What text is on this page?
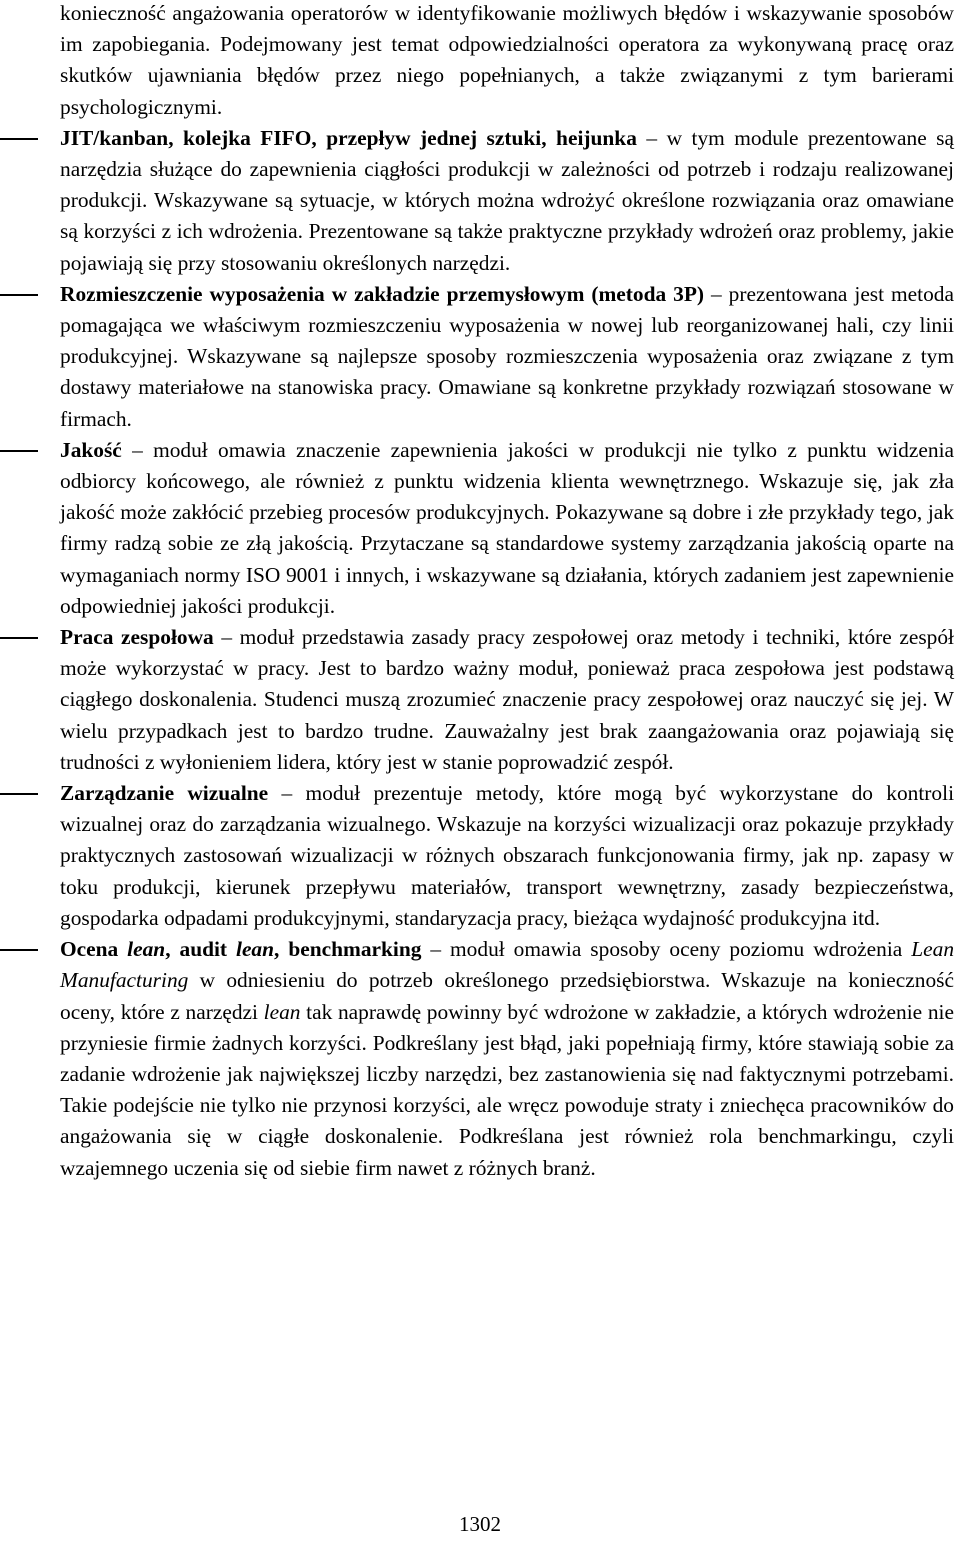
konieczność angażowania operatorów w identyfikowanie możliwych błędów i wskazywanie sposobów im zapobiegania. Podejmowany jest temat odpowiedzialności operatora za wykonywaną pracę oraz skutków ujawniania błędów przez niego popełnianych, a także związanymi z tym barierami psychologicznymi.

JIT/kanban, kolejka FIFO, przepływ jednej sztuki, heijunka – w tym module prezentowane są narzędzia służące do zapewnienia ciągłości produkcji w zależności od potrzeb i rodzaju realizowanej produkcji. Wskazywane są sytuacje, w których można wdrożyć określone rozwiązania oraz omawiane są korzyści z ich wdrożenia. Prezentowane są także praktyczne przykłady wdrożeń oraz problemy, jakie pojawiają się przy stosowaniu określonych narzędzi.

Rozmieszczenie wyposażenia w zakładzie przemysłowym (metoda 3P) – prezentowana jest metoda pomagająca we właściwym rozmieszczeniu wyposażenia w nowej lub reorganizowanej hali, czy linii produkcyjnej. Wskazywane są najlepsze sposoby rozmieszczenia wyposażenia oraz związane z tym dostawy materiałowe na stanowiska pracy. Omawiane są konkretne przykłady rozwiązań stosowane w firmach.

Jakość – moduł omawia znaczenie zapewnienia jakości w produkcji nie tylko z punktu widzenia odbiorcy końcowego, ale również z punktu widzenia klienta wewnętrznego. Wskazuje się, jak zła jakość może zakłócić przebieg procesów produkcyjnych. Pokazywane są dobre i złe przykłady tego, jak firmy radzą sobie ze złą jakością. Przytaczane są standardowe systemy zarządzania jakością oparte na wymaganiach normy ISO 9001 i innych, i wskazywane są działania, których zadaniem jest zapewnienie odpowiedniej jakości produkcji.

Praca zespołowa – moduł przedstawia zasady pracy zespołowej oraz metody i techniki, które zespół może wykorzystać w pracy. Jest to bardzo ważny moduł, ponieważ praca zespołowa jest podstawą ciągłego doskonalenia. Studenci muszą zrozumieć znaczenie pracy zespołowej oraz nauczyć się jej. W wielu przypadkach jest to bardzo trudne. Zauważalny jest brak zaangażowania oraz pojawiają się trudności z wyłonieniem lidera, który jest w stanie poprowadzić zespół.

Zarządzanie wizualne – moduł prezentuje metody, które mogą być wykorzystane do kontroli wizualnej oraz do zarządzania wizualnego. Wskazuje na korzyści wizualizacji oraz pokazuje przykłady praktycznych zastosowań wizualizacji w różnych obszarach funkcjonowania firmy, jak np. zapasy w toku produkcji, kierunek przepływu materiałów, transport wewnętrzny, zasady bezpieczeństwa, gospodarka odpadami produkcyjnymi, standaryzacja pracy, bieżąca wydajność produkcyjna itd.

Ocena lean, audit lean, benchmarking – moduł omawia sposoby oceny poziomu wdrożenia Lean Manufacturing w odniesieniu do potrzeb określonego przedsiębiorstwa. Wskazuje na konieczność oceny, które z narzędzi lean tak naprawdę powinny być wdrożone w zakładzie, a których wdrożenie nie przyniesie firmie żadnych korzyści. Podkreślany jest błąd, jaki popełniają firmy, które stawiają sobie za zadanie wdrożenie jak największej liczby narzędzi, bez zastanowienia się nad faktycznymi potrzebami. Takie podejście nie tylko nie przynosi korzyści, ale wręcz powoduje straty i zniechęca pracowników do angażowania się w ciągłe doskonalenie. Podkreślana jest również rola benchmarkingu, czyli wzajemnego uczenia się od siebie firm nawet z różnych branż.

1302
